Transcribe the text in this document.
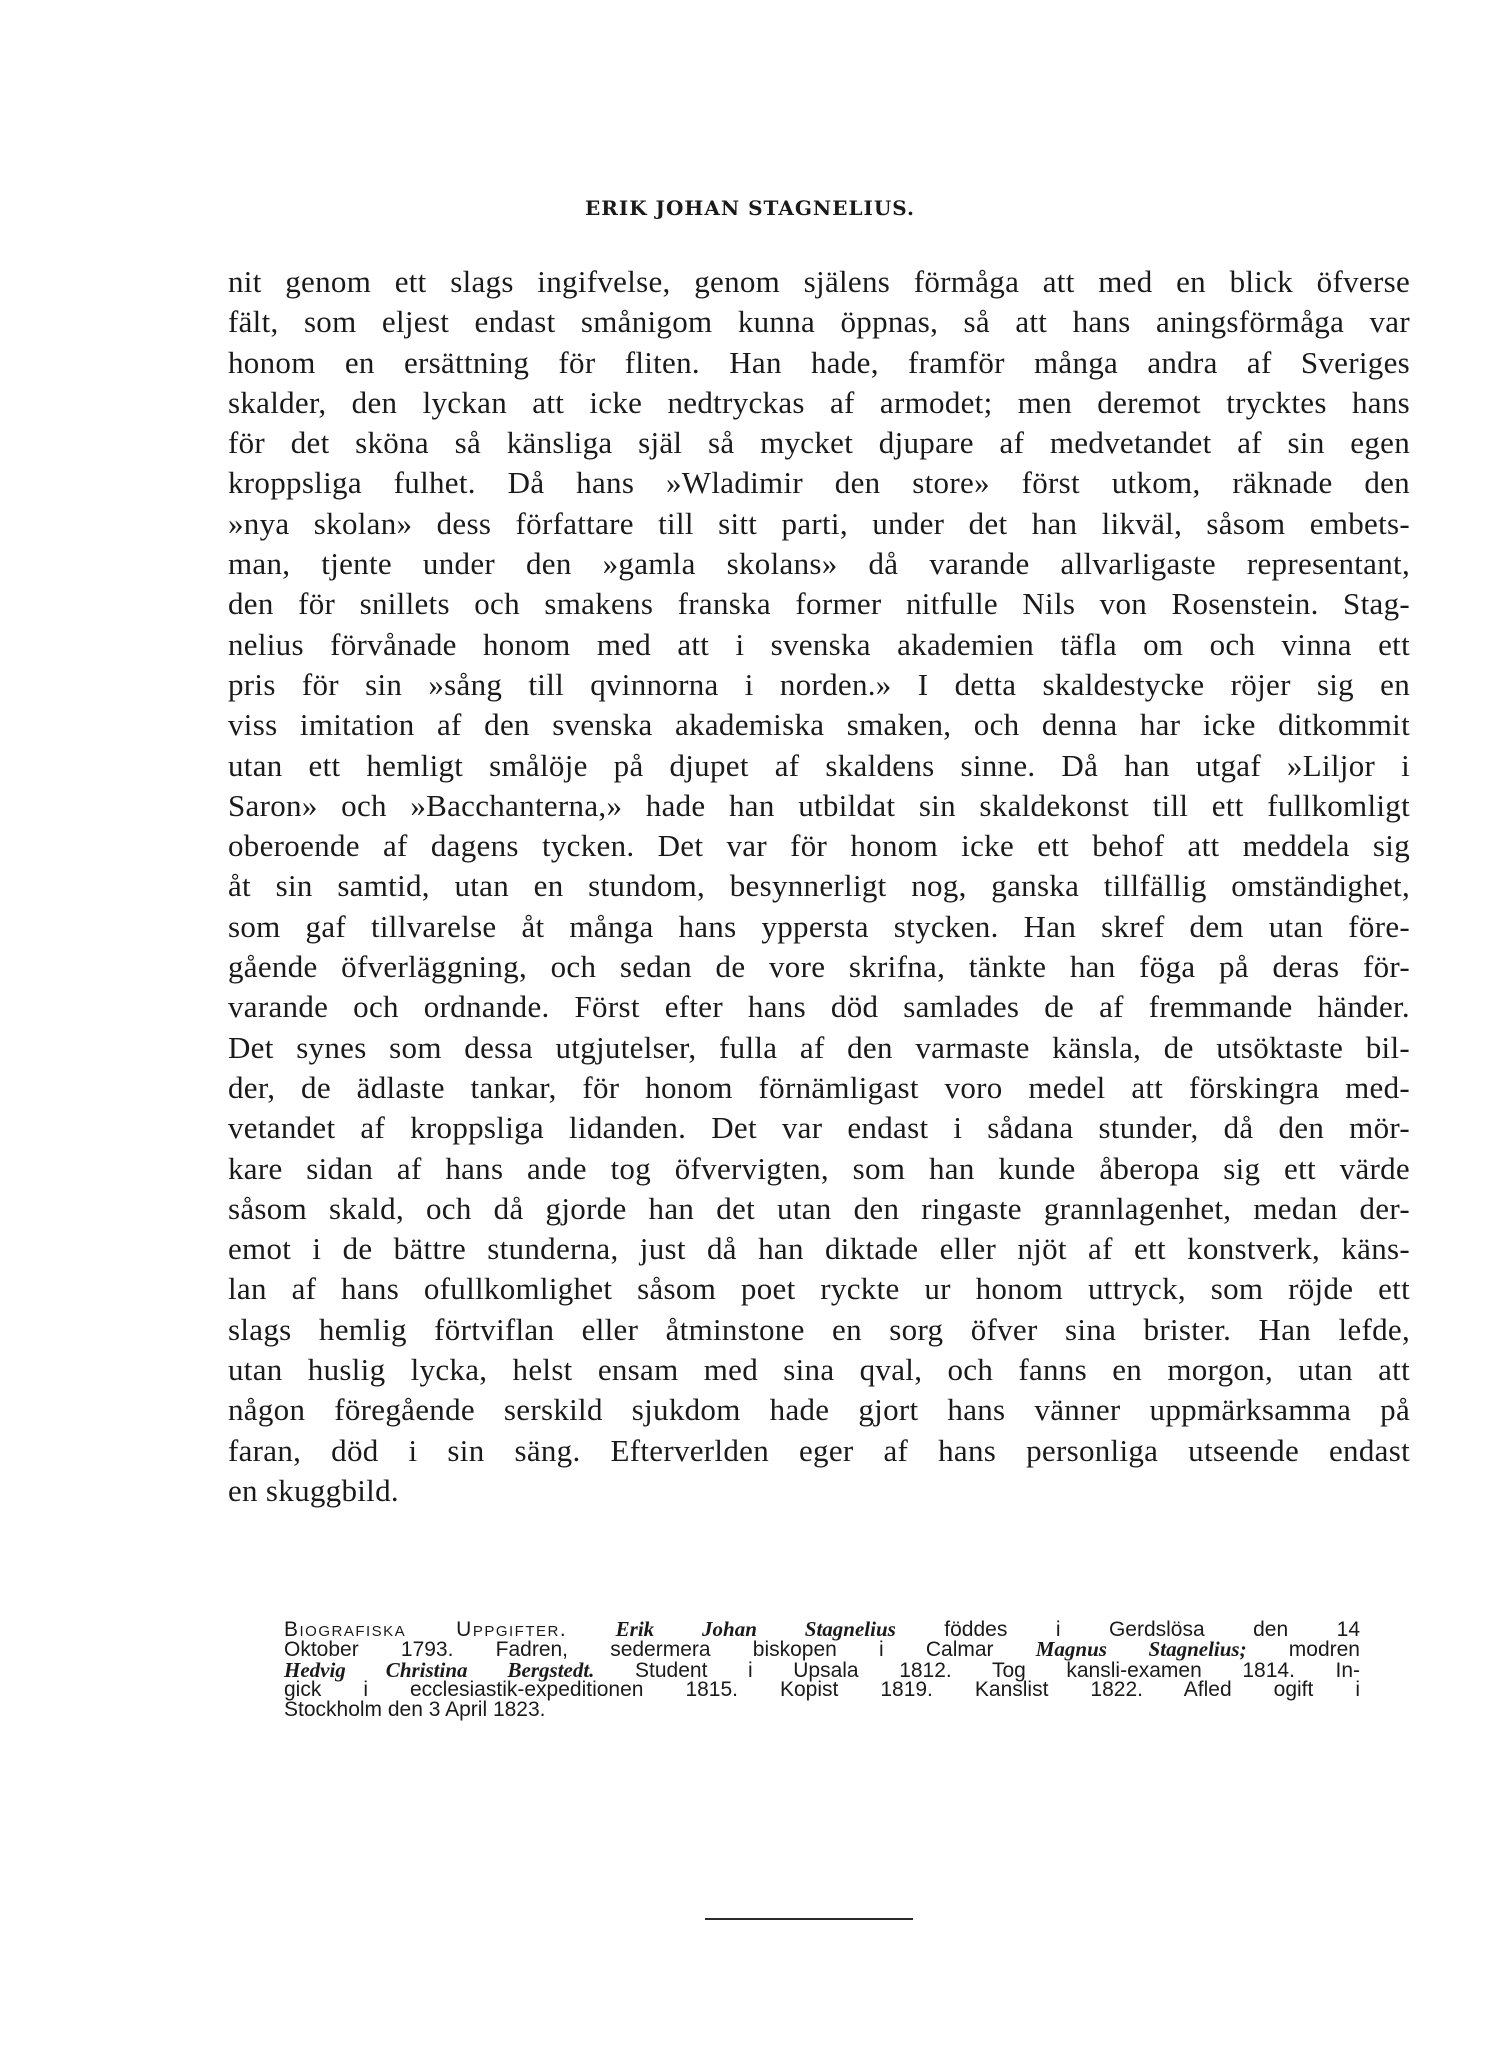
ERIK JOHAN STAGNELIUS.
nit genom ett slags ingifvelse, genom själens förmåga att med en blick öfverse
fält, som eljest endast smånigom kunna öppnas, så att hans aningsförmåga var
honom en ersättning för fliten. Han hade, framför många andra af Sveriges
skalder, den lyckan att icke nedtryckas af armodet; men deremot trycktes hans
för det sköna så känsliga själ så mycket djupare af medvetandet af sin egen
kroppsliga fulhet. Då hans »Wladimir den store» först utkom, räknade den
»nya skolan» dess författare till sitt parti, under det han likväl, såsom embets-
man, tjente under den »gamla skolans» då varande allvarligaste representant,
den för snillets och smakens franska former nitfulle Nils von Rosenstein. Stag-
nelius förvånade honom med att i svenska akademien täfla om och vinna ett
pris för sin »sång till qvinnorna i norden.» I detta skaldestycke röjer sig en
viss imitation af den svenska akademiska smaken, och denna har icke ditkommit
utan ett hemligt smålöje på djupet af skaldens sinne. Då han utgaf »Liljor i
Saron» och »Bacchanterna,» hade han utbildat sin skaldekonst till ett fullkomligt
oberoende af dagens tycken. Det var för honom icke ett behof att meddela sig
åt sin samtid, utan en stundom, besynnerligt nog, ganska tillfällig omständighet,
som gaf tillvarelse åt många hans yppersta stycken. Han skref dem utan före-
gående öfverläggning, och sedan de vore skrifna, tänkte han föga på deras för-
varande och ordnande. Först efter hans död samlades de af fremmande händer.
Det synes som dessa utgjutelser, fulla af den varmaste känsla, de utsöktaste bil-
der, de ädlaste tankar, för honom förnämligast voro medel att förskingra med-
vetandet af kroppsliga lidanden. Det var endast i sådana stunder, då den mör-
kare sidan af hans ande tog öfvervigten, som han kunde åberopa sig ett värde
såsom skald, och då gjorde han det utan den ringaste grannlagenhet, medan der-
emot i de bättre stunderna, just då han diktade eller njöt af ett konstverk, käns-
lan af hans ofullkomlighet såsom poet ryckte ur honom uttryck, som röjde ett
slags hemlig förtviflan eller åtminstone en sorg öfver sina brister. Han lefde,
utan huslig lycka, helst ensam med sina qval, och fanns en morgon, utan att
någon föregående serskild sjukdom hade gjort hans vänner uppmärksamma på
faran, död i sin säng. Efterverlden eger af hans personliga utseende endast
en skuggbild.
Biografiska Uppgifter. Erik Johan Stagnelius föddes i Gerdslösa den 14
Oktober 1793. Fadren, sedermera biskopen i Calmar Magnus Stagnelius; modren
Hedvig Christina Bergstedt. Student i Upsala 1812. Tog kansli-examen 1814. In-
gick i ecclesiastik-expeditionen 1815. Kopist 1819. Kanslist 1822. Afled ogift i
Stockholm den 3 April 1823.
